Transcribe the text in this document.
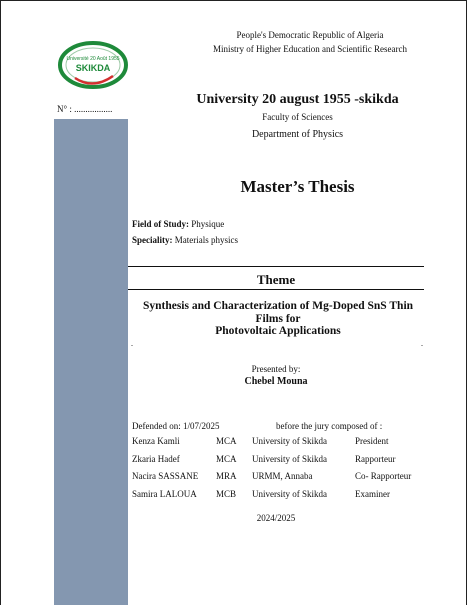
Université 20 Août 1955
SKIKDA
N° : .................
People's Democratic Republic of Algeria
Ministry of Higher Education and Scientific Research
University 20 august 1955 -skikda
Faculty of Sciences
Department of Physics
Master’s Thesis
Field of Study: Physique
Speciality: Materials physics
Theme
Synthesis and Characterization of Mg-Doped SnS Thin
Films for
Photovoltaic Applications
.	.
Presented by:
Chebel Mouna
Defended on: 1/07/2025	before the jury composed of :
Kenza Kamli	MCA University of Skikda	President
Zkaria Hadef	MCA University of Skikda	Rapporteur
Nacira SASSANE MRA URMM, Annaba	Co- Rapporteur
Samira LALOUA MCB University of Skikda	Examiner
2024/2025
